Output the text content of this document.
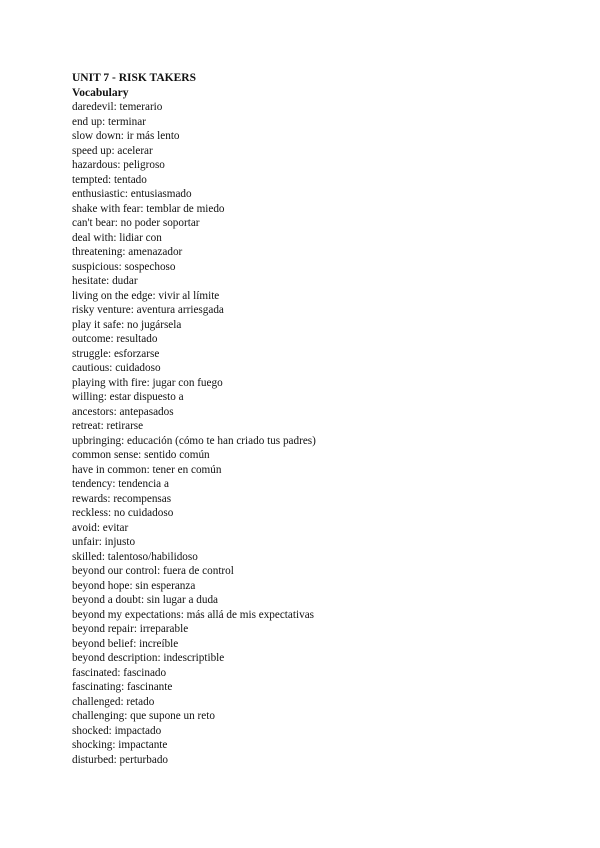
UNIT 7 - RISK TAKERS
Vocabulary
daredevil: temerario
end up: terminar
slow down: ir más lento
speed up: acelerar
hazardous: peligroso
tempted: tentado
enthusiastic: entusiasmado
shake with fear: temblar de miedo
can't bear: no poder soportar
deal with: lidiar con
threatening: amenazador
suspicious: sospechoso
hesitate: dudar
living on the edge: vivir al límite
risky venture: aventura arriesgada
play it safe: no jugársela
outcome: resultado
struggle: esforzarse
cautious: cuidadoso
playing with fire: jugar con fuego
willing: estar dispuesto a
ancestors: antepasados
retreat: retirarse
upbringing: educación (cómo te han criado tus padres)
common sense: sentido común
have in common: tener en común
tendency: tendencia a
rewards: recompensas
reckless: no cuidadoso
avoid: evitar
unfair: injusto
skilled: talentoso/habilidoso
beyond our control: fuera de control
beyond hope: sin esperanza
beyond a doubt: sin lugar a duda
beyond my expectations: más allá de mis expectativas
beyond repair: irreparable
beyond belief: increíble
beyond description: indescriptible
fascinated: fascinado
fascinating: fascinante
challenged: retado
challenging: que supone un reto
shocked: impactado
shocking: impactante
disturbed: perturbado
